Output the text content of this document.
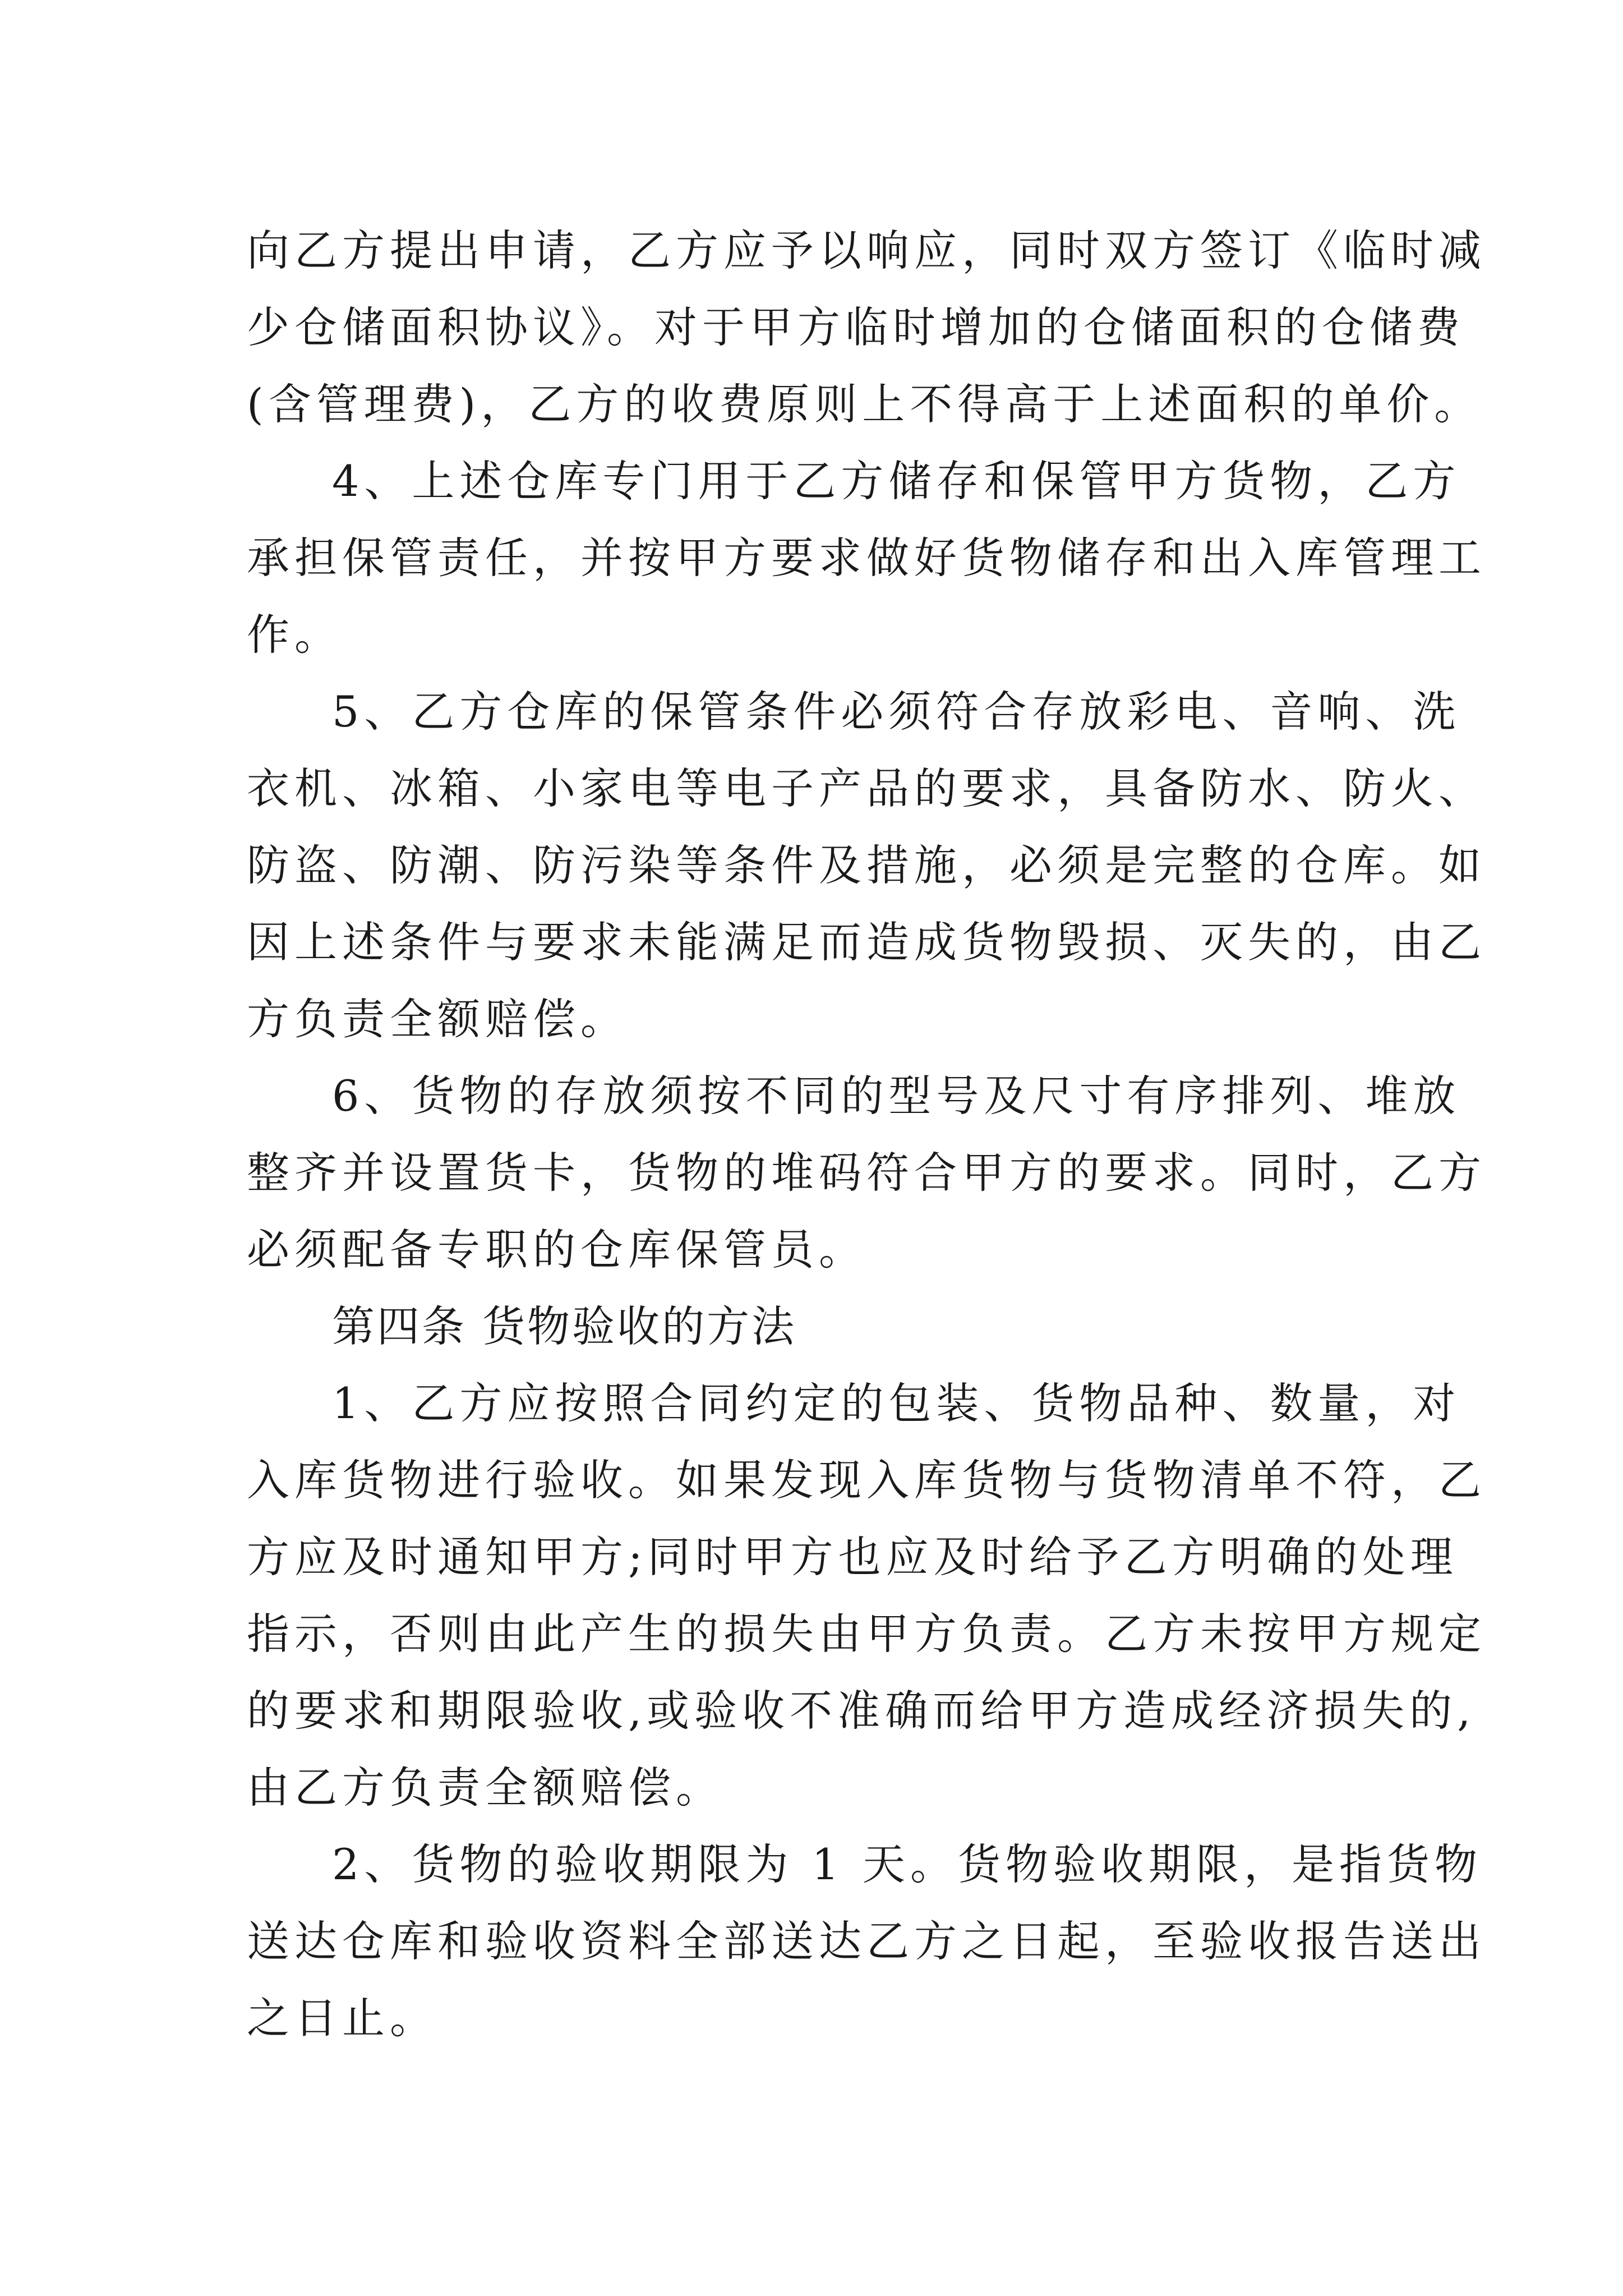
向乙方提出申请，乙方应予以响应，同时双方签订《临时减
少仓储面积协议》。对于甲方临时增加的仓储面积的仓储费
(含管理费)，乙方的收费原则上不得高于上述面积的单价。
4、上述仓库专门用于乙方储存和保管甲方货物，乙方
承担保管责任，并按甲方要求做好货物储存和出入库管理工
作。
5、乙方仓库的保管条件必须符合存放彩电、音响、洗
衣机、冰箱、小家电等电子产品的要求，具备防水、防火、
防盗、防潮、防污染等条件及措施，必须是完整的仓库。如
因上述条件与要求未能满足而造成货物毁损、灭失的，由乙
方负责全额赔偿。
6、货物的存放须按不同的型号及尺寸有序排列、堆放
整齐并设置货卡，货物的堆码符合甲方的要求。同时，乙方
必须配备专职的仓库保管员。
第四条 货物验收的方法
1、乙方应按照合同约定的包装、货物品种、数量，对
入库货物进行验收。如果发现入库货物与货物清单不符，乙
方应及时通知甲方;同时甲方也应及时给予乙方明确的处理
指示，否则由此产生的损失由甲方负责。乙方未按甲方规定
的要求和期限验收,或验收不准确而给甲方造成经济损失的,
由乙方负责全额赔偿。
2、货物的验收期限为 1 天。货物验收期限，是指货物
送达仓库和验收资料全部送达乙方之日起，至验收报告送出
之日止。
